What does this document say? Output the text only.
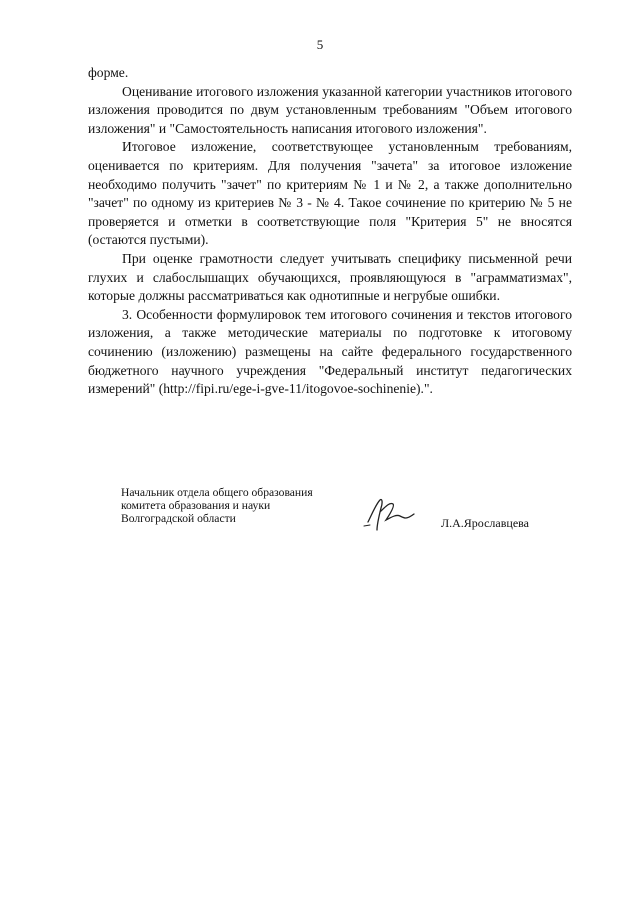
5

форме.

Оценивание итогового изложения указанной категории участников итогового изложения проводится по двум установленным требованиям "Объем итогового изложения" и "Самостоятельность написания итогового изложения".

Итоговое изложение, соответствующее установленным требованиям, оценивается по критериям. Для получения "зачета" за итоговое изложение необходимо получить "зачет" по критериям № 1 и № 2, а также дополнительно "зачет" по одному из критериев № 3 - № 4. Такое сочинение по критерию № 5 не проверяется и отметки в соответствующие поля "Критерия 5" не вносятся (остаются пустыми).

При оценке грамотности следует учитывать специфику письменной речи глухих и слабослышащих обучающихся, проявляющуюся в "аграмматизмах", которые должны рассматриваться как однотипные и негрубые ошибки.

3. Особенности формулировок тем итогового сочинения и текстов итогового изложения, а также методические материалы по подготовке к итоговому сочинению (изложению) размещены на сайте федерального государственного бюджетного научного учреждения "Федеральный институт педагогических измерений" (http://fipi.ru/ege-i-gve-11/itogovoe-sochinenie).".

Начальник отдела общего образования
комитета образования и науки
Волгоградской области	Л.А.Ярославцева
